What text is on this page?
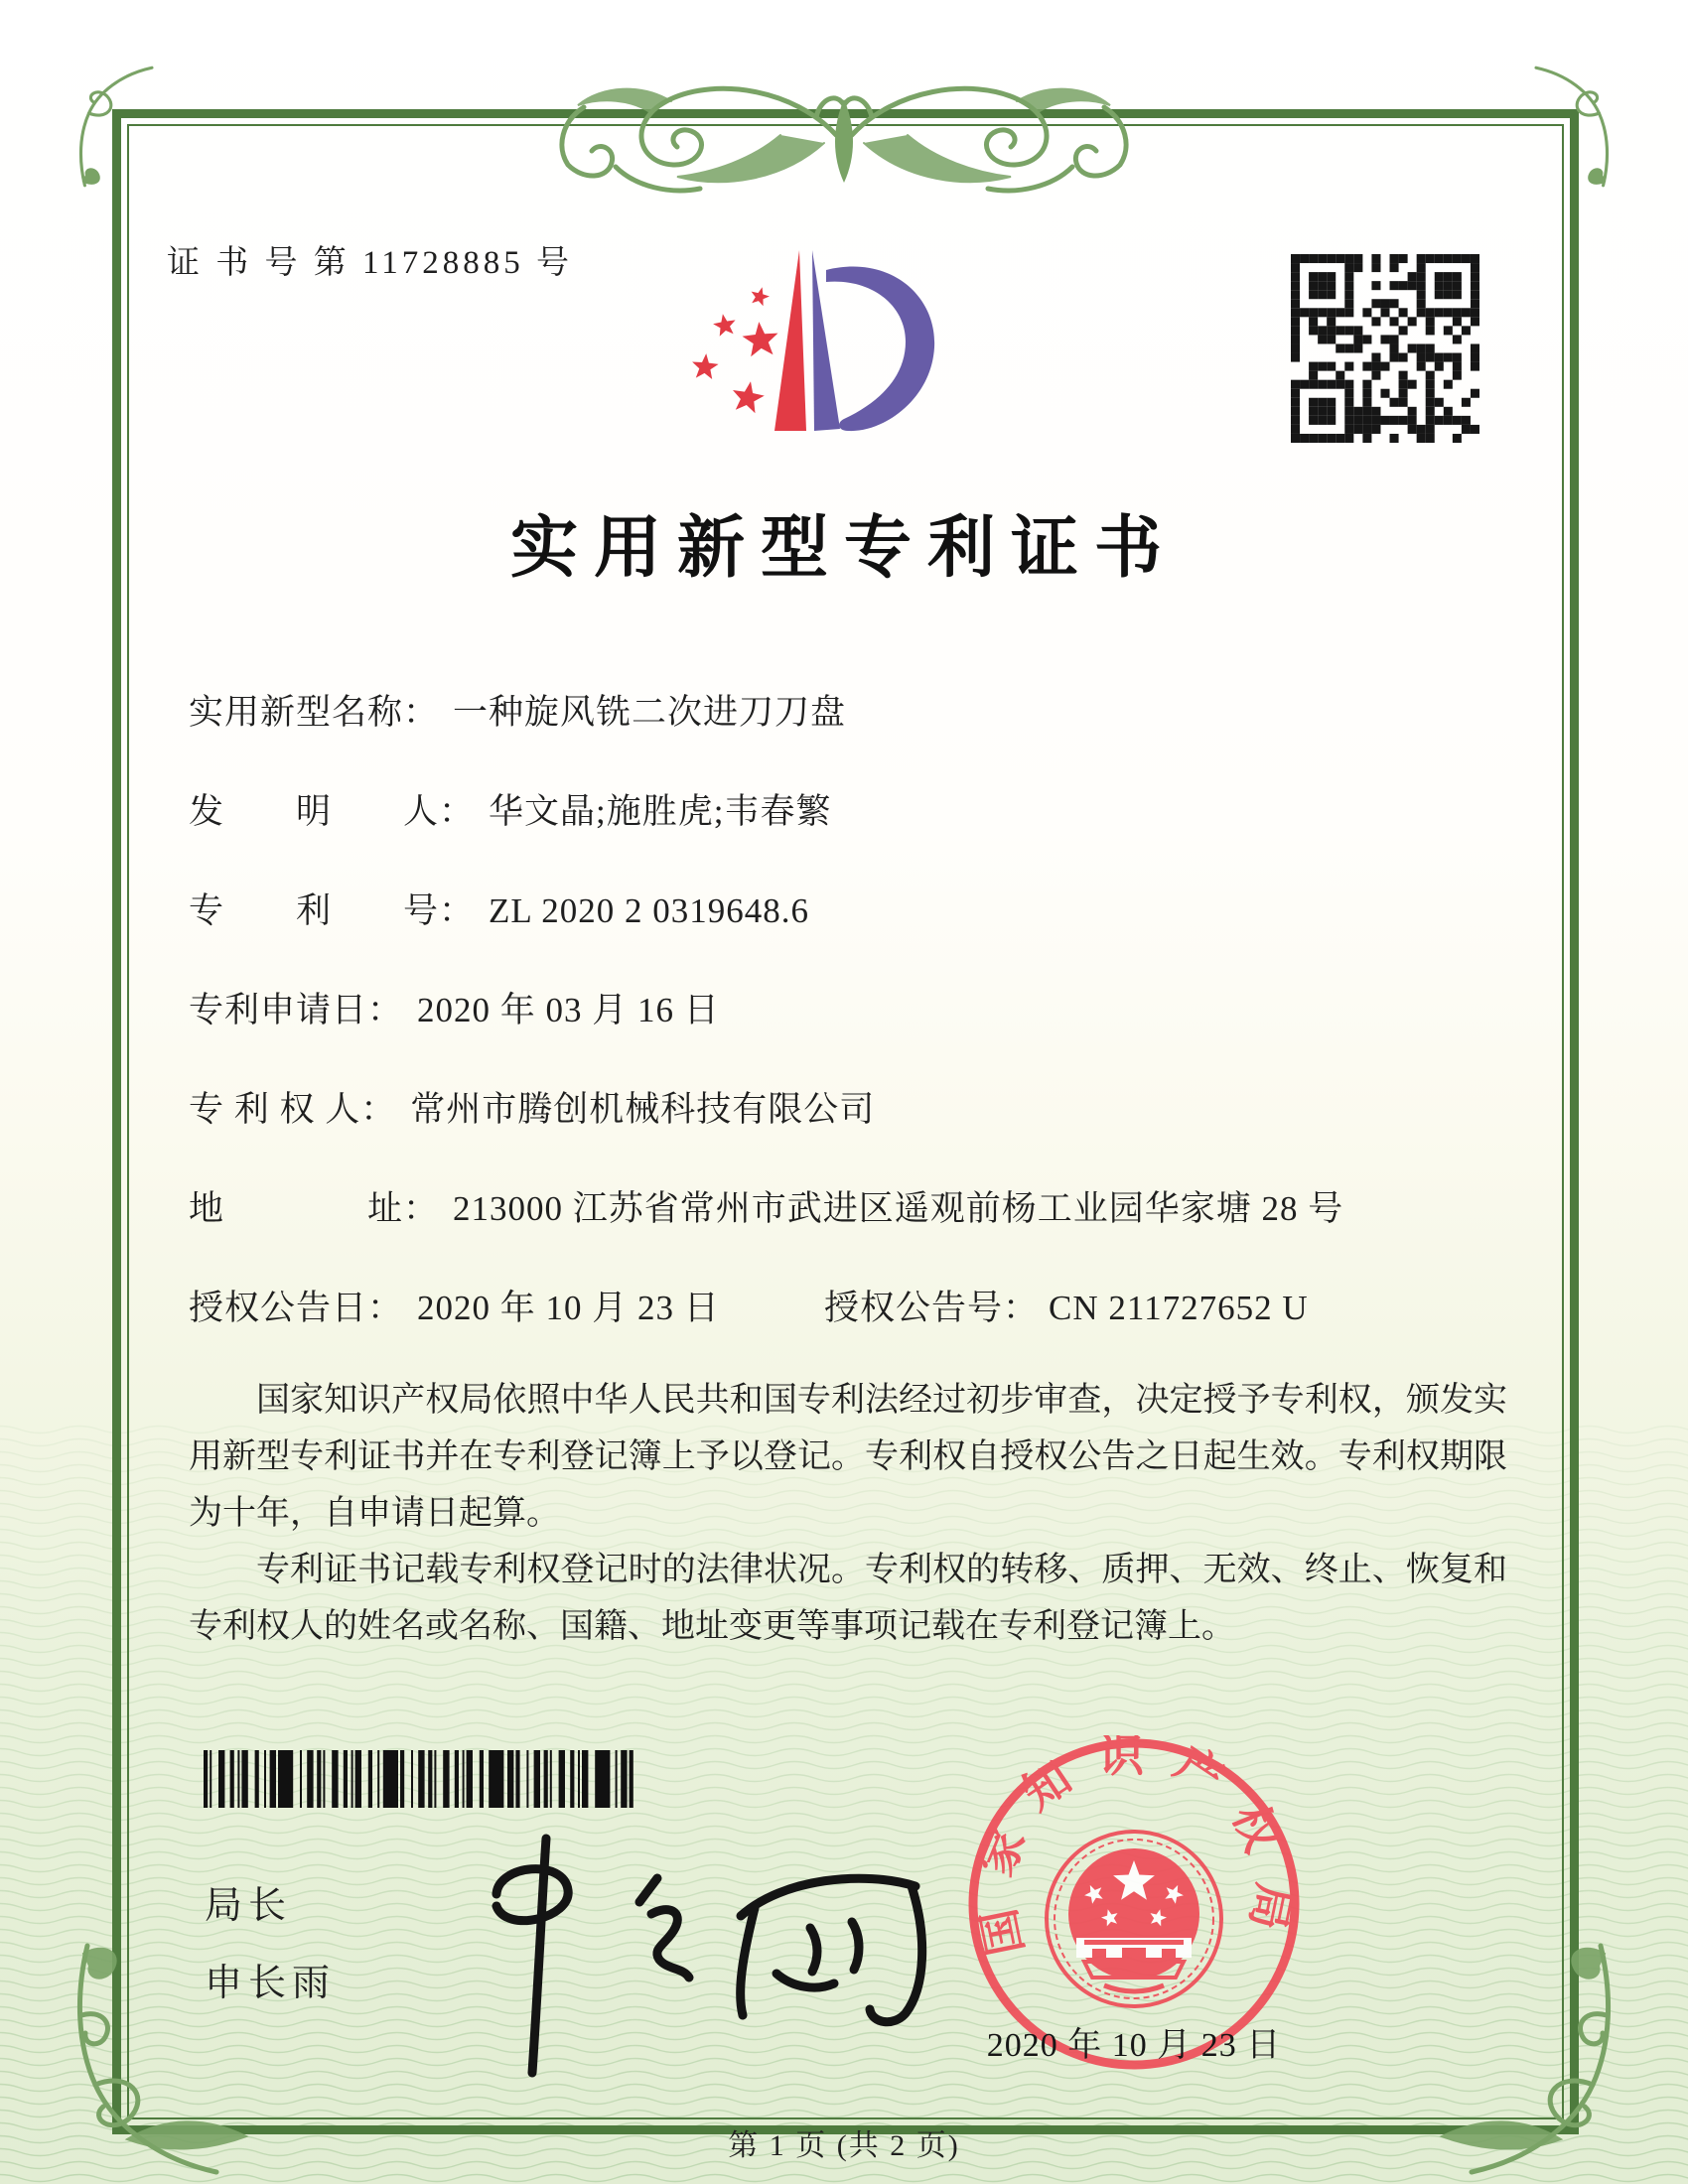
证 书 号 第 11728885 号
实用新型专利证书
实用新型名称： 一种旋风铣二次进刀刀盘
发　　明　　人： 华文晶;施胜虎;韦春繁
专　　利　　号： ZL 2020 2 0319648.6
专利申请日： 2020 年 03 月 16 日
专 利 权 人： 常州市腾创机械科技有限公司
地　　　　址： 213000 江苏省常州市武进区遥观前杨工业园华家塘 28 号
授权公告日： 2020 年 10 月 23 日	授权公告号： CN 211727652 U

国家知识产权局依照中华人民共和国专利法经过初步审查，决定授予专利权，颁发实用新型专利证书并在专利登记簿上予以登记。专利权自授权公告之日起生效。专利权期限为十年，自申请日起算。

专利证书记载专利权登记时的法律状况。专利权的转移、质押、无效、终止、恢复和专利权人的姓名或名称、国籍、地址变更等事项记载在专利登记簿上。

局长
申长雨
国家知识产权局
2020 年 10 月 23 日
第 1 页 (共 2 页)
